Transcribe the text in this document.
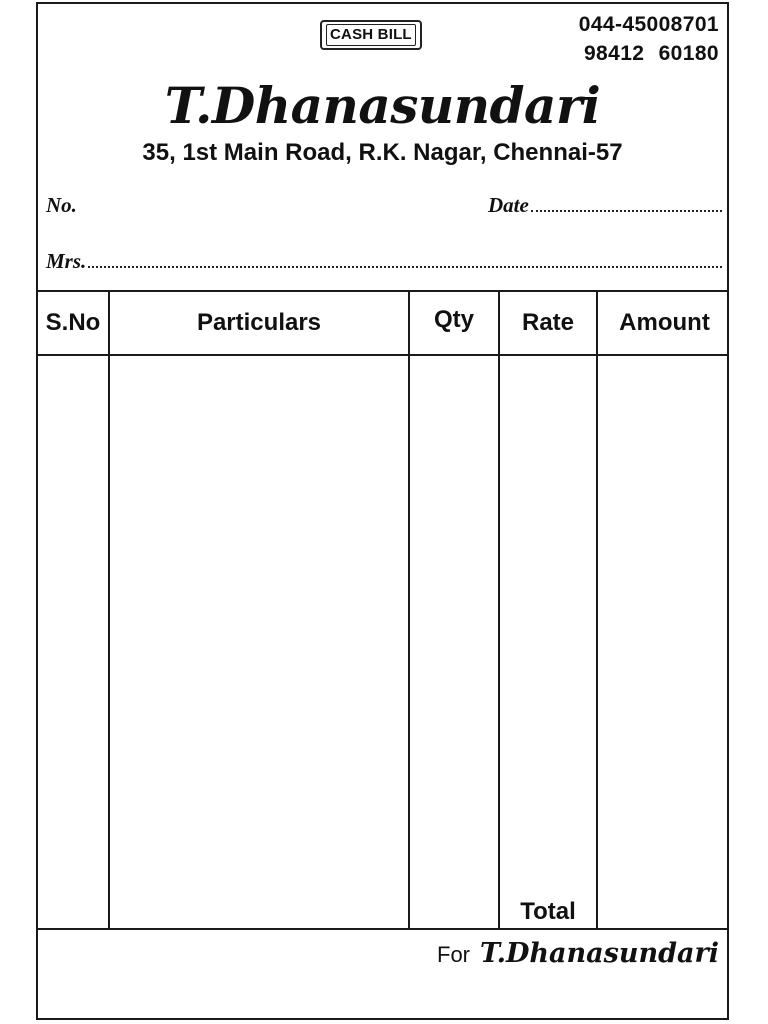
CASH BILL	044-45008701
98412 60180
T.Dhanasundari
35, 1st Main Road, R.K. Nagar, Chennai-57
No.	Date
Mrs.
S.No	Particulars	Qty	Rate	Amount
Total
For T.Dhanasundari
